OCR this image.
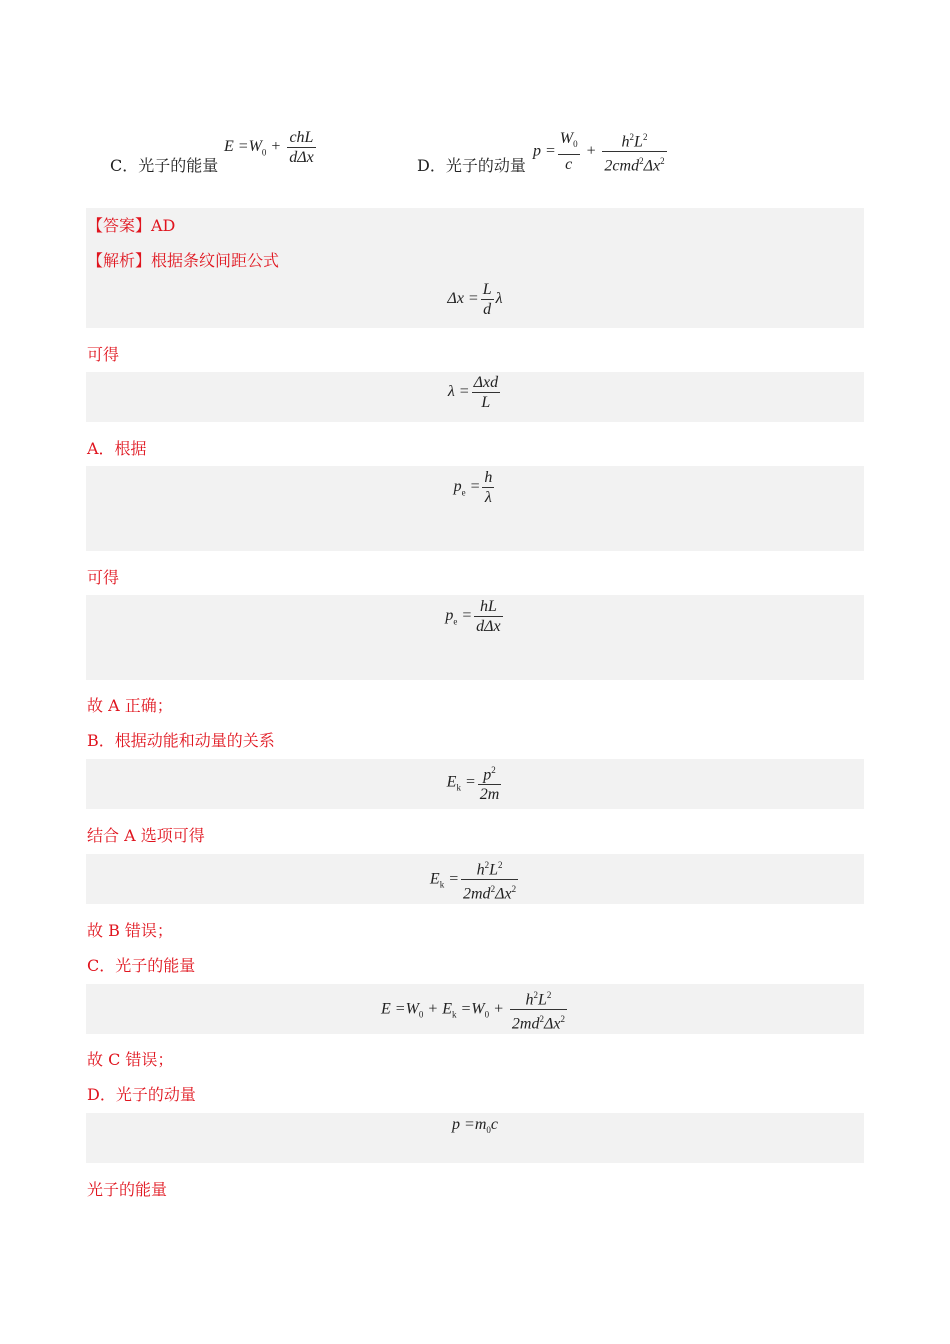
C．光子的能量
$E =W_0 + \frac{\text{chL}}{\text{dΔx}}$	D．光子的动量
$p = \frac{W_0}{c} + \frac{h^2L^2}{2cmd^2\Delta x^2}$
【答案】AD
【解析】根据条纹间距公式
$\Delta x = \frac{L}{d}$ λ
可得
$\lambda = \frac{\text{Δxd}}{L}$
A．根据
$p_e = \frac{h}{\lambda}$
可得
$p_e = \frac{hL}{\text{dΔx}}$
故 A 正确；
B．根据动能和动量的关系
$E_k = \frac{p^2}{2m}$
结合 A 选项可得
$E_k = \frac{h^2L^2}{2md^2\Delta x^2}$
故 B 错误；
C．光子的能量
$E =W_0 + E_k =W_0 + \frac{h^2L^2}{2md^2\Delta x^2}$
故 C 错误；
D．光子的动量
$p =m_0c$
光子的能量
